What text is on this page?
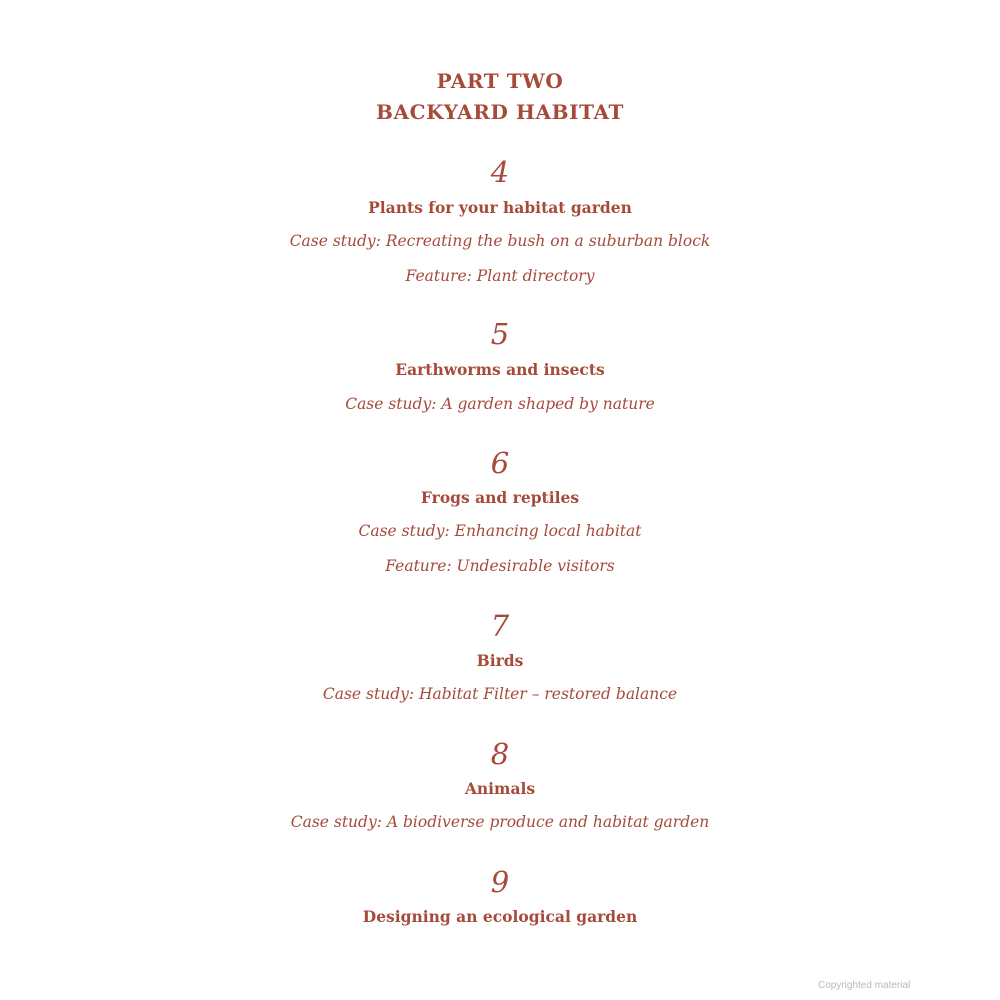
PART TWO
BACKYARD HABITAT
4
Plants for your habitat garden
Case study: Recreating the bush on a suburban block
Feature: Plant directory
5
Earthworms and insects
Case study: A garden shaped by nature
6
Frogs and reptiles
Case study: Enhancing local habitat
Feature: Undesirable visitors
7
Birds
Case study: Habitat Filter – restored balance
8
Animals
Case study: A biodiverse produce and habitat garden
9
Designing an ecological garden
Copyrighted material
